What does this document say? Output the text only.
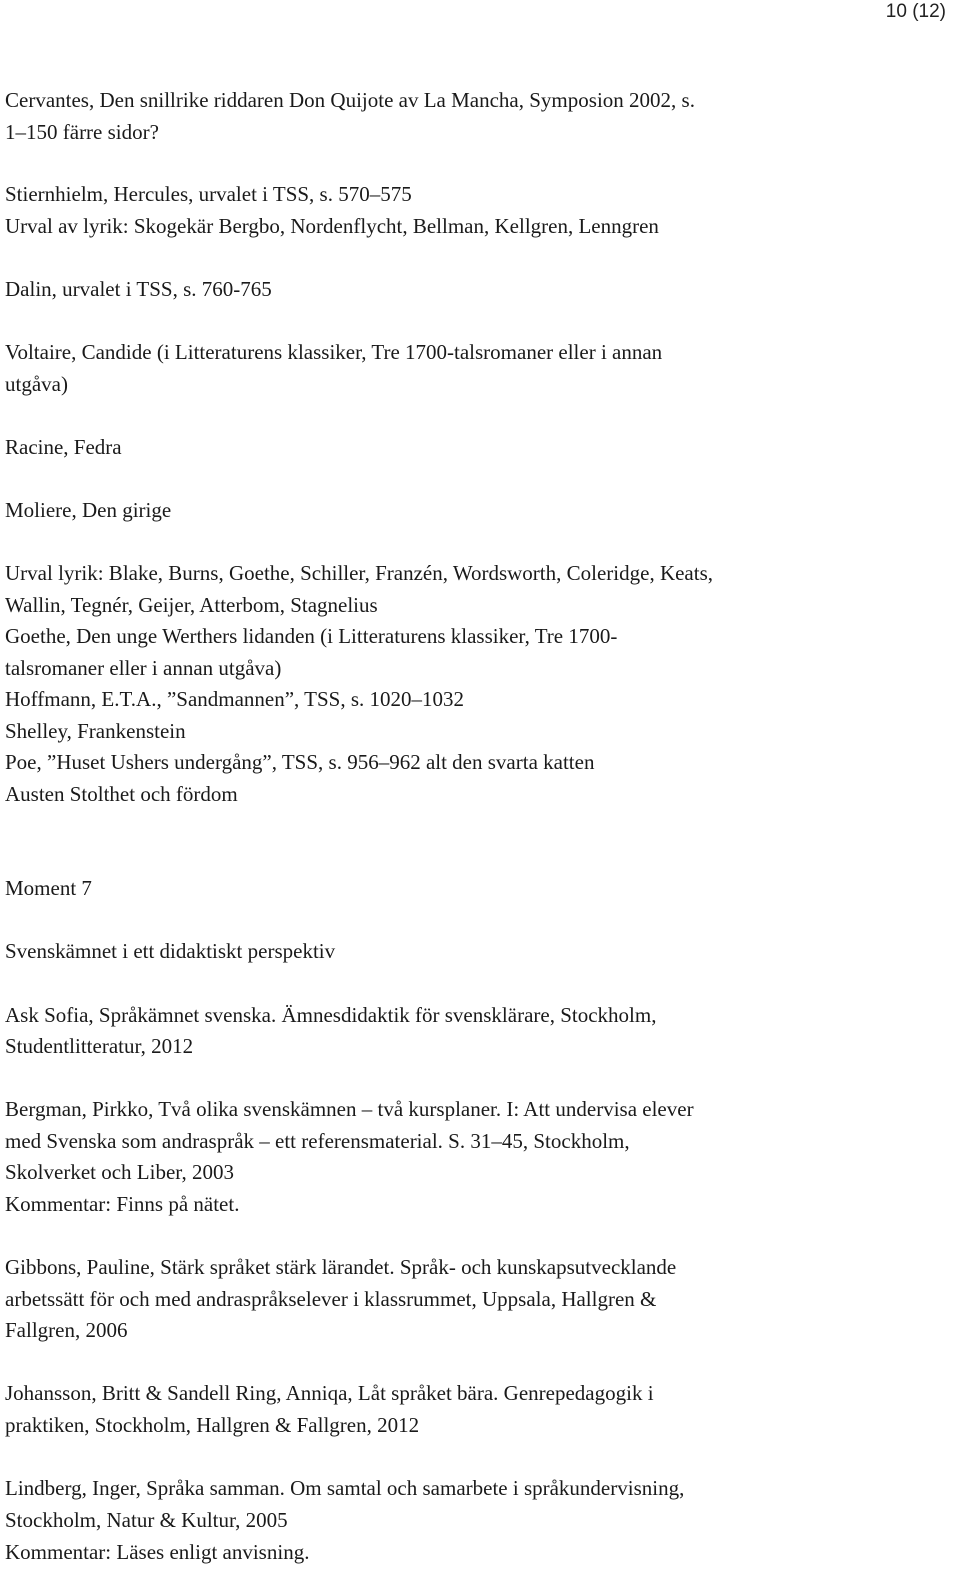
10 (12)
Cervantes, Den snillrike riddaren Don Quijote av La Mancha, Symposion 2002, s.
1–150 färre sidor?
Stiernhielm, Hercules, urvalet i TSS, s. 570–575
Urval av lyrik: Skogekär Bergbo, Nordenflycht, Bellman, Kellgren, Lenngren
Dalin, urvalet i TSS, s. 760-765
Voltaire, Candide (i Litteraturens klassiker, Tre 1700-talsromaner eller i annan
utgåva)
Racine, Fedra
Moliere, Den girige
Urval lyrik: Blake, Burns, Goethe, Schiller, Franzén, Wordsworth, Coleridge, Keats,
Wallin, Tegnér, Geijer, Atterbom, Stagnelius
Goethe, Den unge Werthers lidanden (i Litteraturens klassiker, Tre 1700-
talsromaner eller i annan utgåva)
Hoffmann, E.T.A., ”Sandmannen”, TSS, s. 1020–1032
Shelley, Frankenstein
Poe, ”Huset Ushers undergång”, TSS, s. 956–962 alt den svarta katten
Austen Stolthet och fördom
Moment 7
Svenskämnet i ett didaktiskt perspektiv
Ask Sofia, Språkämnet svenska. Ämnesdidaktik för svensklärare, Stockholm,
Studentlitteratur, 2012
Bergman, Pirkko, Två olika svenskämnen – två kursplaner. I: Att undervisa elever
med Svenska som andraspråk – ett referensmaterial. S. 31–45, Stockholm,
Skolverket och Liber, 2003
Kommentar: Finns på nätet.
Gibbons, Pauline, Stärk språket stärk lärandet. Språk- och kunskapsutvecklande
arbetssätt för och med andraspråkselever i klassrummet, Uppsala, Hallgren &
Fallgren, 2006
Johansson, Britt & Sandell Ring, Anniqa, Låt språket bära. Genrepedagogik i
praktiken, Stockholm, Hallgren & Fallgren, 2012
Lindberg, Inger, Språka samman. Om samtal och samarbete i språkundervisning,
Stockholm, Natur & Kultur, 2005
Kommentar: Läses enligt anvisning.
